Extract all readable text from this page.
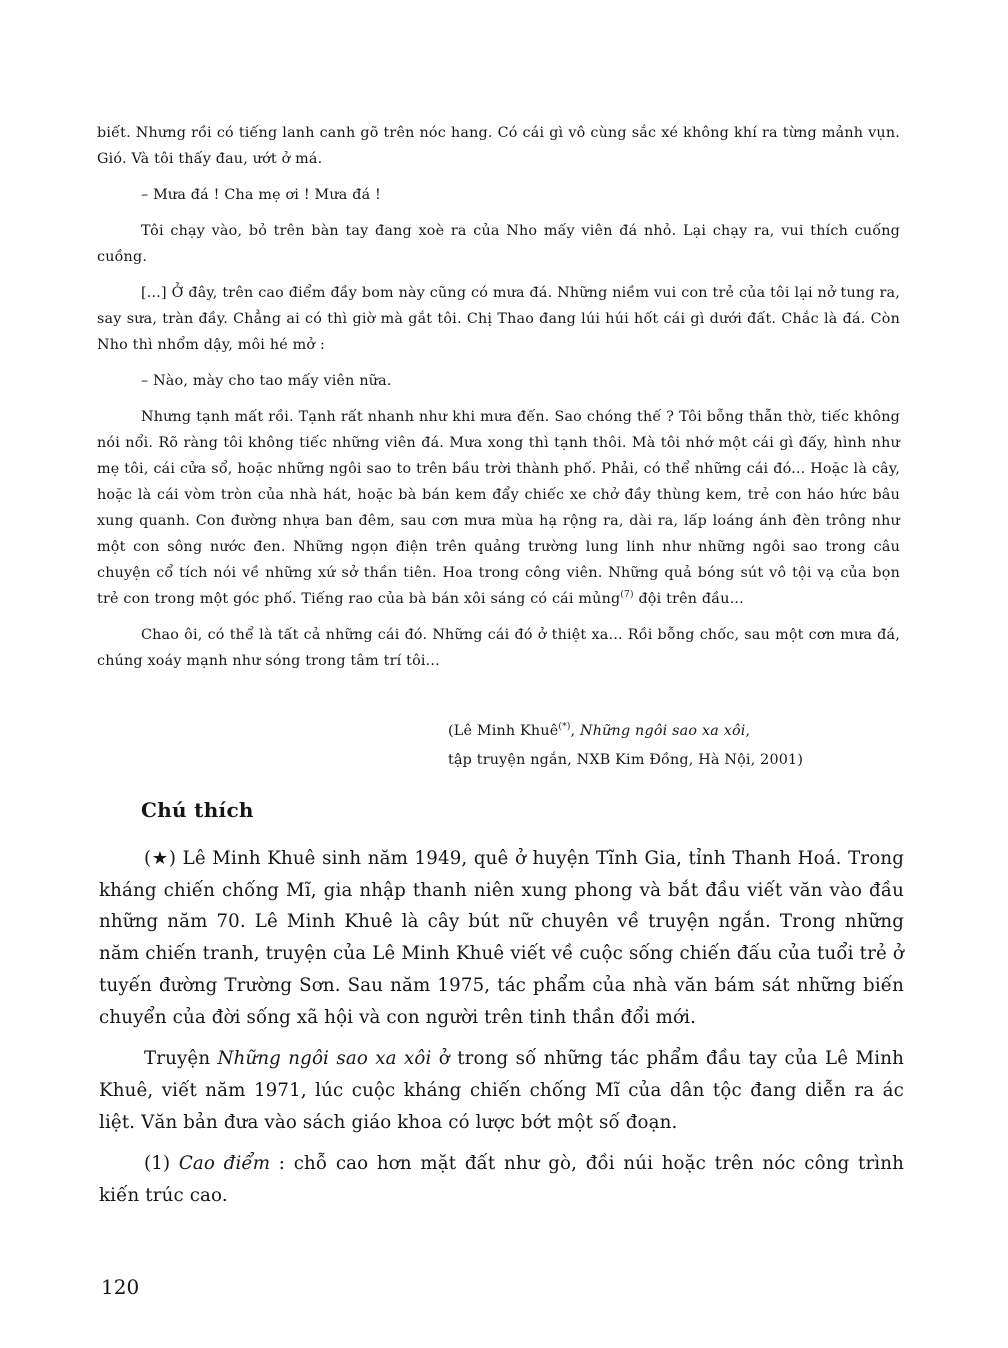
biết. Nhưng rồi có tiếng lanh canh gõ trên nóc hang. Có cái gì vô cùng sắc xé không khí ra từng mảnh vụn. Gió. Và tôi thấy đau, ướt ở má.

– Mưa đá ! Cha mẹ ơi ! Mưa đá !

Tôi chạy vào, bỏ trên bàn tay đang xoè ra của Nho mấy viên đá nhỏ. Lại chạy ra, vui thích cuống cuồng.

[...] Ở đây, trên cao điểm đầy bom này cũng có mưa đá. Những niềm vui con trẻ của tôi lại nở tung ra, say sưa, tràn đầy. Chẳng ai có thì giờ mà gắt tôi. Chị Thao đang lúi húi hốt cái gì dưới đất. Chắc là đá. Còn Nho thì nhổm dậy, môi hé mở :

– Nào, mày cho tao mấy viên nữa.

Nhưng tạnh mất rồi. Tạnh rất nhanh như khi mưa đến. Sao chóng thế ? Tôi bỗng thẫn thờ, tiếc không nói nổi. Rõ ràng tôi không tiếc những viên đá. Mưa xong thì tạnh thôi. Mà tôi nhớ một cái gì đấy, hình như mẹ tôi, cái cửa sổ, hoặc những ngôi sao to trên bầu trời thành phố. Phải, có thể những cái đó... Hoặc là cây, hoặc là cái vòm tròn của nhà hát, hoặc bà bán kem đẩy chiếc xe chở đầy thùng kem, trẻ con háo hức bâu xung quanh. Con đường nhựa ban đêm, sau cơn mưa mùa hạ rộng ra, dài ra, lấp loáng ánh đèn trông như một con sông nước đen. Những ngọn điện trên quảng trường lung linh như những ngôi sao trong câu chuyện cổ tích nói về những xứ sở thần tiên. Hoa trong công viên. Những quả bóng sút vô tội vạ của bọn trẻ con trong một góc phố. Tiếng rao của bà bán xôi sáng có cái mủng$^{(7)}$ đội trên đầu...

Chao ôi, có thể là tất cả những cái đó. Những cái đó ở thiệt xa... Rồi bỗng chốc, sau một cơn mưa đá, chúng xoáy mạnh như sóng trong tâm trí tôi...

(Lê Minh Khuê(*), Những ngôi sao xa xôi,
tập truyện ngắn, NXB Kim Đồng, Hà Nội, 2001)
Chú thích

(★) Lê Minh Khuê sinh năm 1949, quê ở huyện Tĩnh Gia, tỉnh Thanh Hoá. Trong kháng chiến chống Mĩ, gia nhập thanh niên xung phong và bắt đầu viết văn vào đầu những năm 70. Lê Minh Khuê là cây bút nữ chuyên về truyện ngắn. Trong những năm chiến tranh, truyện của Lê Minh Khuê viết về cuộc sống chiến đấu của tuổi trẻ ở tuyến đường Trường Sơn. Sau năm 1975, tác phẩm của nhà văn bám sát những biến chuyển của đời sống xã hội và con người trên tinh thần đổi mới.

Truyện Những ngôi sao xa xôi ở trong số những tác phẩm đầu tay của Lê Minh Khuê, viết năm 1971, lúc cuộc kháng chiến chống Mĩ của dân tộc đang diễn ra ác liệt. Văn bản đưa vào sách giáo khoa có lược bớt một số đoạn.

(1) Cao điểm : chỗ cao hơn mặt đất như gò, đồi núi hoặc trên nóc công trình kiến trúc cao.

120
